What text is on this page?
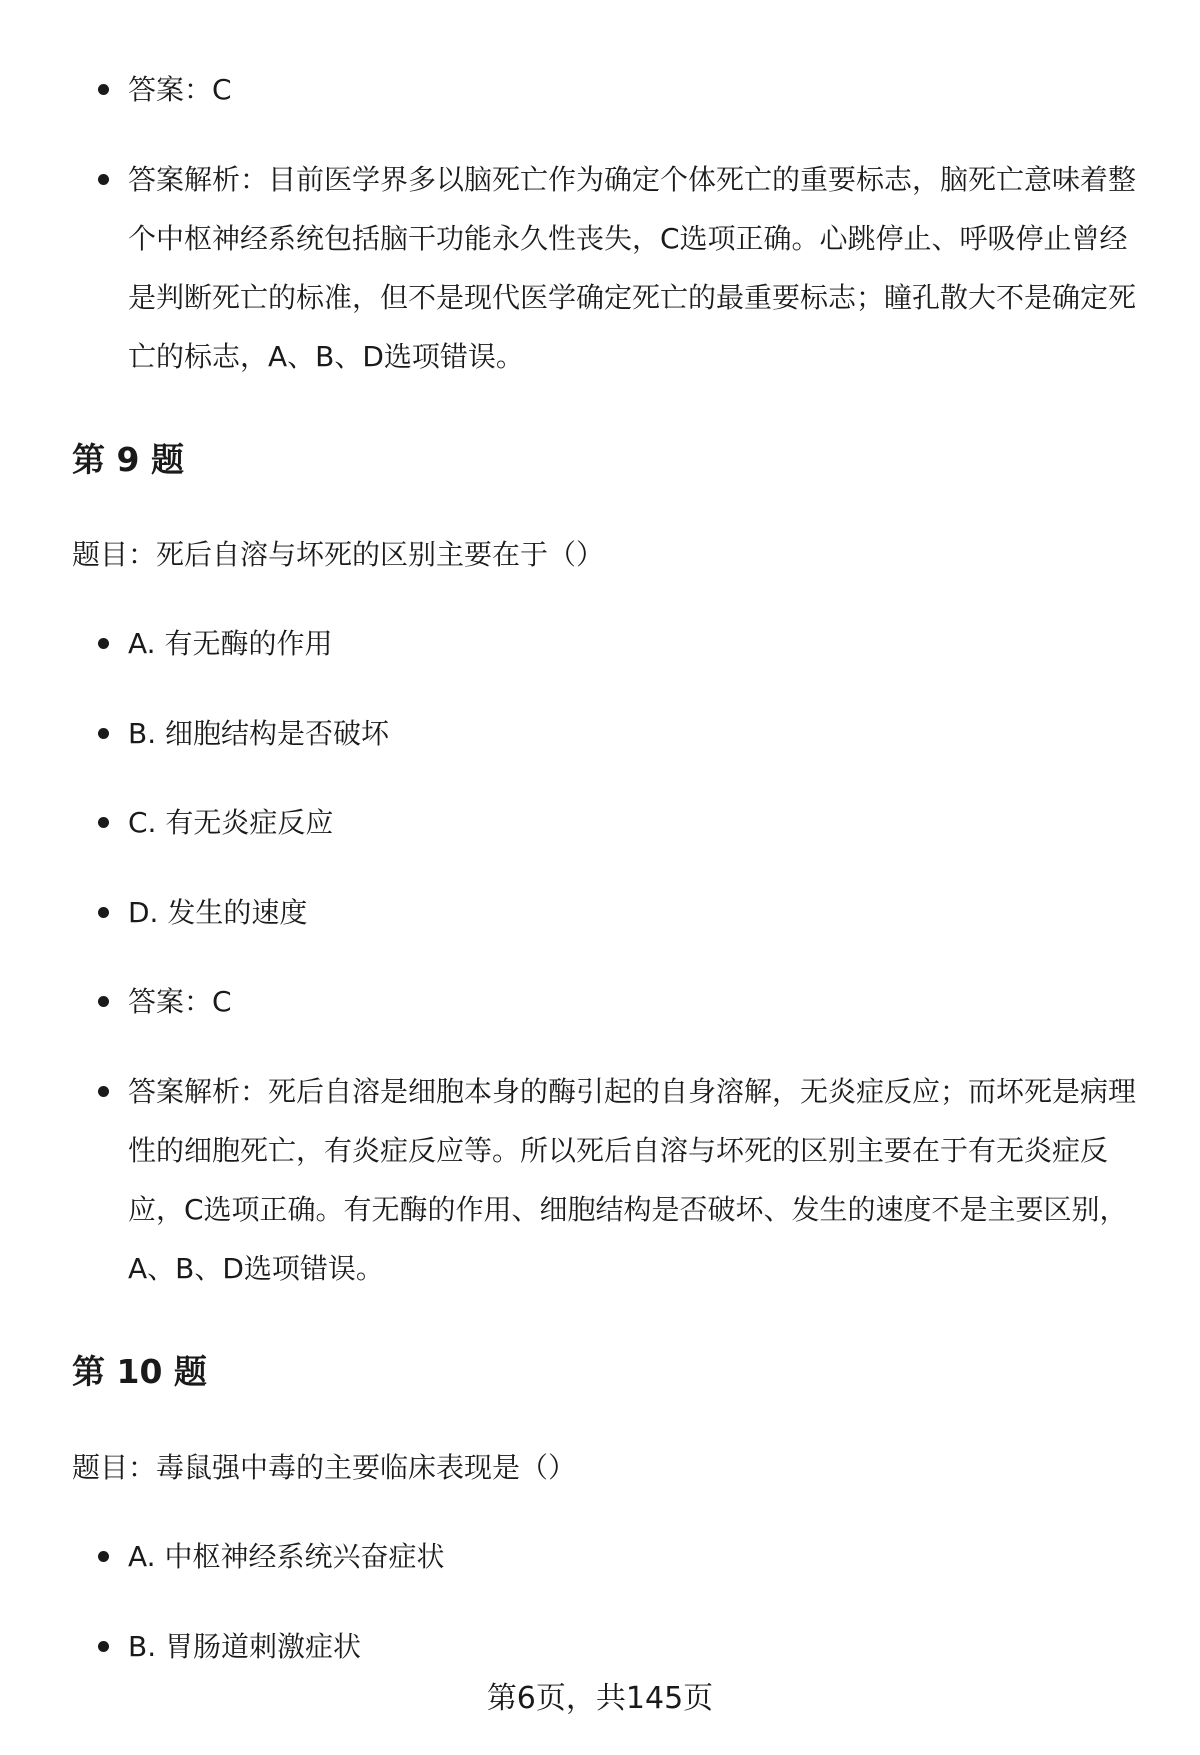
答案：C
答案解析：目前医学界多以脑死亡作为确定个体死亡的重要标志，脑死亡意味着整个中枢神经系统包括脑干功能永久性丧失，C选项正确。心跳停止、呼吸停止曾经是判断死亡的标准，但不是现代医学确定死亡的最重要标志；瞳孔散大不是确定死亡的标志，A、B、D选项错误。
第 9 题
题目：死后自溶与坏死的区别主要在于（）
A. 有无酶的作用
B. 细胞结构是否破坏
C. 有无炎症反应
D. 发生的速度
答案：C
答案解析：死后自溶是细胞本身的酶引起的自身溶解，无炎症反应；而坏死是病理性的细胞死亡，有炎症反应等。所以死后自溶与坏死的区别主要在于有无炎症反应，C选项正确。有无酶的作用、细胞结构是否破坏、发生的速度不是主要区别，A、B、D选项错误。
第 10 题
题目：毒鼠强中毒的主要临床表现是（）
A. 中枢神经系统兴奋症状
B. 胃肠道刺激症状
第6页，共145页
